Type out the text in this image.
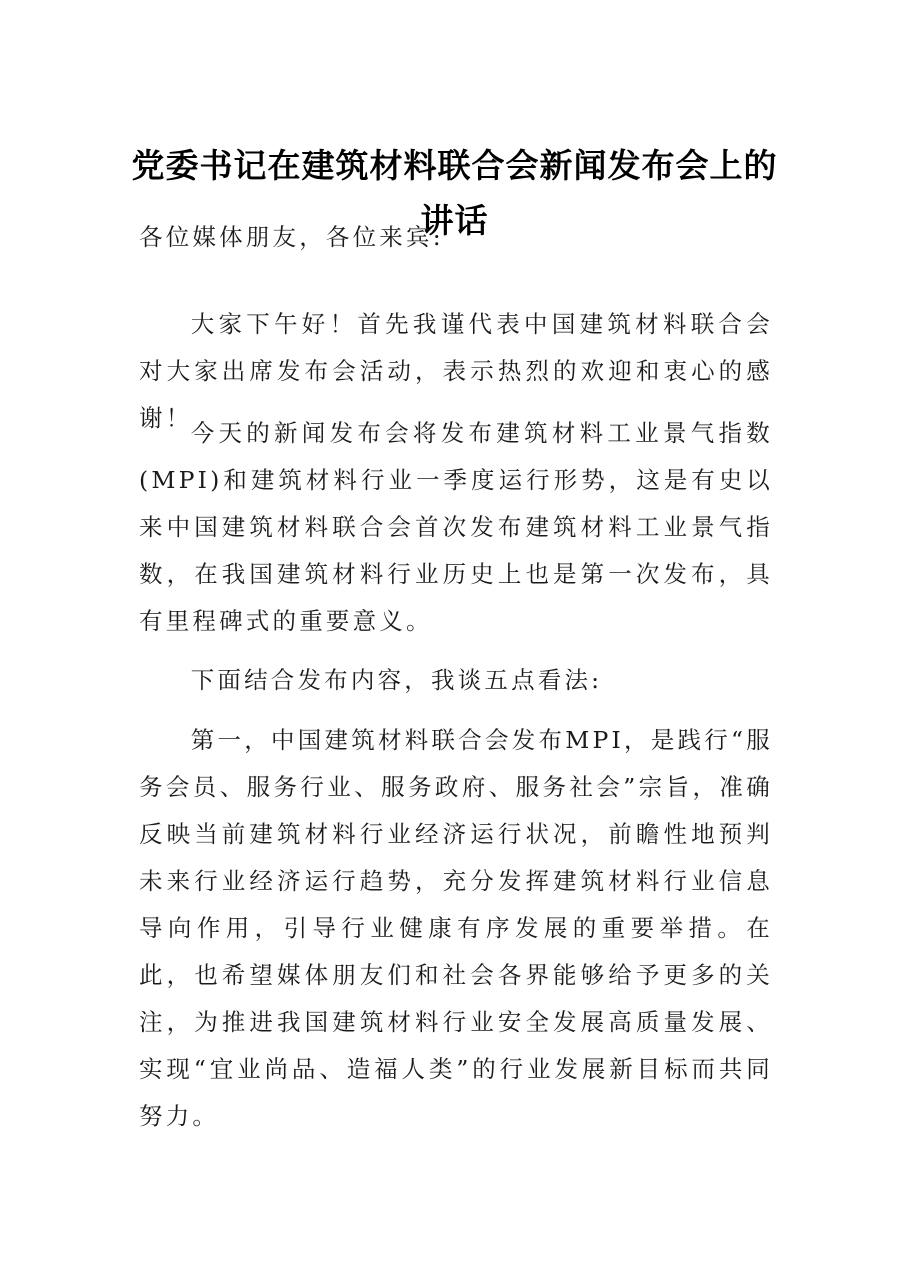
党委书记在建筑材料联合会新闻发布会上的讲话

各位媒体朋友，各位来宾:

大家下午好！首先我谨代表中国建筑材料联合会对大家出席发布会活动，表示热烈的欢迎和衷心的感谢！

今天的新闻发布会将发布建筑材料工业景气指数(MPI)和建筑材料行业一季度运行形势，这是有史以来中国建筑材料联合会首次发布建筑材料工业景气指数，在我国建筑材料行业历史上也是第一次发布，具有里程碑式的重要意义。

下面结合发布内容，我谈五点看法:

第一，中国建筑材料联合会发布MPI，是践行“服务会员、服务行业、服务政府、服务社会”宗旨，准确反映当前建筑材料行业经济运行状况，前瞻性地预判未来行业经济运行趋势，充分发挥建筑材料行业信息导向作用，引导行业健康有序发展的重要举措。在此，也希望媒体朋友们和社会各界能够给予更多的关注，为推进我国建筑材料行业安全发展高质量发展、实现“宜业尚品、造福人类”的行业发展新目标而共同努力。
